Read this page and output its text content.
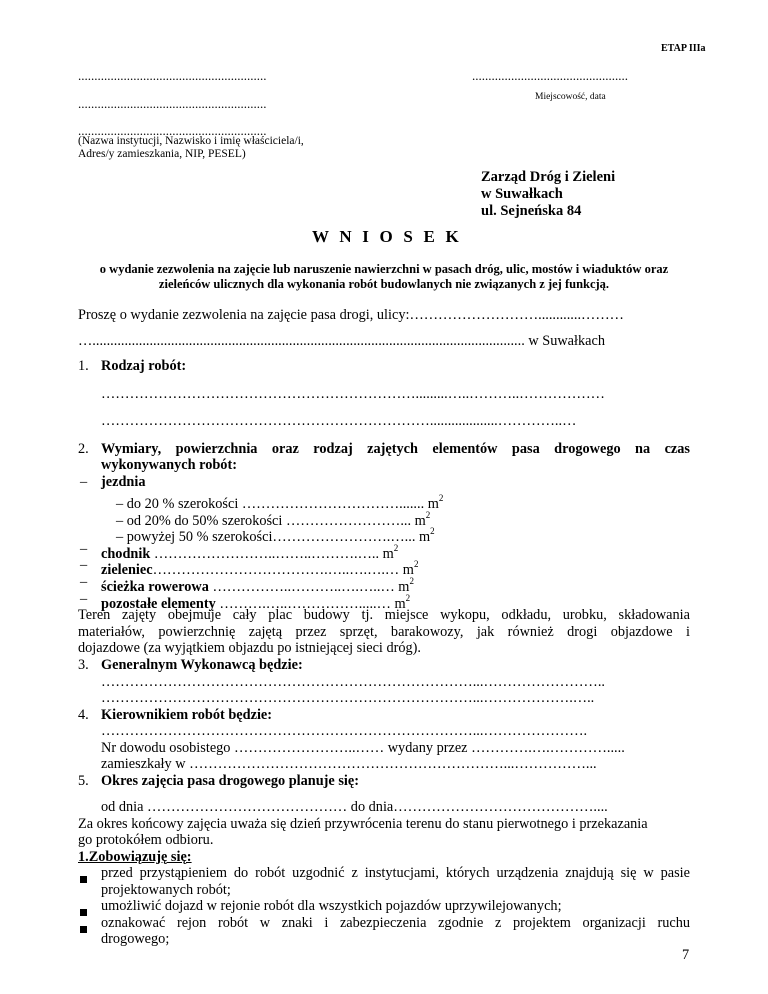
ETAP IIIa
..........................................................	................................................
Miejscowość, data
..........................................................
..........................................................
(Nazwa instytucji, Nazwisko i imię właściciela/i,
Adres/y zamieszkania, NIP, PESEL)
Zarząd Dróg i Zieleni
w Suwałkach
ul. Sejneńska 84
W N I O S E K
o wydanie zezwolenia na zajęcie lub naruszenie nawierzchni w pasach dróg, ulic, mostów i wiaduktów oraz
zieleńców ulicznych dla wykonania robót budowlanych nie związanych z jej funkcją.
Proszę o wydanie zezwolenia na zajęcie pasa drogi, ulicy:………………………............………
…......................................................................................................................... w Suwałkach
1. Rodzaj robót:
………………………………………………………….........…..………..………………
……………………………………………………………...................…………..…
2. Wymiary, powierzchnia oraz rodzaj zajętych elementów pasa drogowego na czas
wykonywanych robót:
– jezdnia
– do 20 % szerokości ……………………………....... $m^2$
– od 20% do 50% szerokości ……………………... $m^2$
– powyżej 50 % szerokości…………………….…... $m^2$
– chodnik ……………………..……..……….….. $m^2$
– zieleniec……………………………….…..….….… $m^2$
– ścieżka rowerowa ……………..………..….…..… $m^2$
– pozostałe elementy ……….…..…………….....… $m^2$
Teren zajęty obejmuje cały plac budowy tj. miejsce wykopu, odkładu, urobku, składowania
materiałów, powierzchnię zajętą przez sprzęt, barakowozy, jak również drogi objazdowe i
dojazdowe (za wyjątkiem objazdu po istniejącej sieci dróg).
3. Generalnym Wykonawcą będzie:
……………………………………………………………………...……………………..
……………………………………………………………………...……………….…..
4. Kierownikiem robót będzie:
……………………………………………………………………...………………….
Nr dowodu osobistego ……………………..…… wydany przez ………….….………….....
zamieszkały w …………………………………………………………...……………...
5. Okres zajęcia pasa drogowego planuje się:
od dnia …………………………………… do dnia……………………………………....
Za okres końcowy zajęcia uważa się dzień przywrócenia terenu do stanu pierwotnego i przekazania
go protokółem odbioru.
1.Zobowiązuję się:
przed przystąpieniem do robót uzgodnić z instytucjami, których urządzenia znajdują się w pasie
projektowanych robót;
umożliwić dojazd w rejonie robót dla wszystkich pojazdów uprzywilejowanych;
oznakować rejon robót w znaki i zabezpieczenia zgodnie z projektem organizacji ruchu
drogowego;
7
